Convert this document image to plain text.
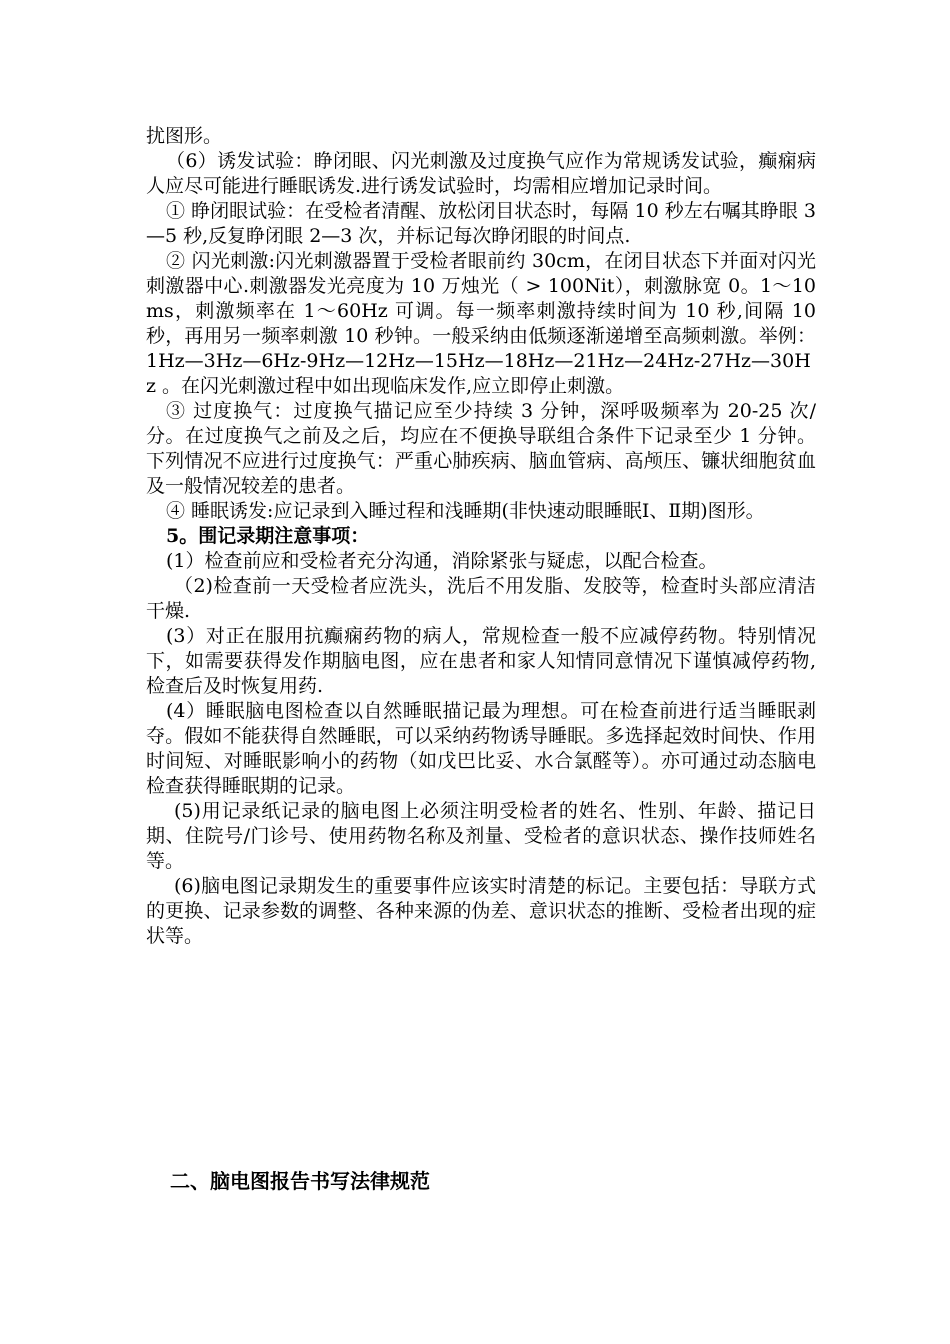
扰图形。

（6）诱发试验：睁闭眼、闪光刺激及过度换气应作为常规诱发试验，癫痫病人应尽可能进行睡眠诱发.进行诱发试验时，均需相应增加记录时间。

① 睁闭眼试验：在受检者清醒、放松闭目状态时，每隔 10 秒左右嘱其睁眼 3—5 秒,反复睁闭眼 2—3 次，并标记每次睁闭眼的时间点.

② 闪光刺激:闪光刺激器置于受检者眼前约 30cm，在闭目状态下并面对闪光刺激器中心.刺激器发光亮度为 10 万烛光（ > 100Nit），刺激脉宽 0。1～10ms，刺激频率在 1～60Hz 可调。每一频率刺激持续时间为 10 秒,间隔 10 秒，再用另一频率刺激 10 秒钟。一般采纳由低频逐渐递增至高频刺激。举例：1Hz—3Hz—6Hz-9Hz—12Hz—15Hz—18Hz—21Hz—24Hz-27Hz—30Hz 。在闪光刺激过程中如出现临床发作,应立即停止刺激。

③ 过度换气：过度换气描记应至少持续 3 分钟，深呼吸频率为 20-25 次/分。在过度换气之前及之后，均应在不便换导联组合条件下记录至少 1 分钟。下列情况不应进行过度换气：严重心肺疾病、脑血管病、高颅压、镰状细胞贫血及一般情况较差的患者。

④ 睡眠诱发:应记录到入睡过程和浅睡期(非快速动眼睡眠Ⅰ、Ⅱ期)图形。

5。围记录期注意事项：

(1）检查前应和受检者充分沟通，消除紧张与疑虑，以配合检查。

（2)检查前一天受检者应洗头，洗后不用发脂、发胶等，检查时头部应清洁干燥.

(3）对正在服用抗癫痫药物的病人，常规检查一般不应减停药物。特别情况下，如需要获得发作期脑电图，应在患者和家人知情同意情况下谨慎减停药物,检查后及时恢复用药.

(4）睡眠脑电图检查以自然睡眠描记最为理想。可在检查前进行适当睡眠剥夺。假如不能获得自然睡眠，可以采纳药物诱导睡眠。多选择起效时间快、作用时间短、对睡眠影响小的药物（如戊巴比妥、水合氯醛等）。亦可通过动态脑电检查获得睡眠期的记录。

(5)用记录纸记录的脑电图上必须注明受检者的姓名、性别、年龄、描记日期、住院号/门诊号、使用药物名称及剂量、受检者的意识状态、操作技师姓名等。

(6)脑电图记录期发生的重要事件应该实时清楚的标记。主要包括：导联方式的更换、记录参数的调整、各种来源的伪差、意识状态的推断、受检者出现的症状等。

二、脑电图报告书写法律规范
